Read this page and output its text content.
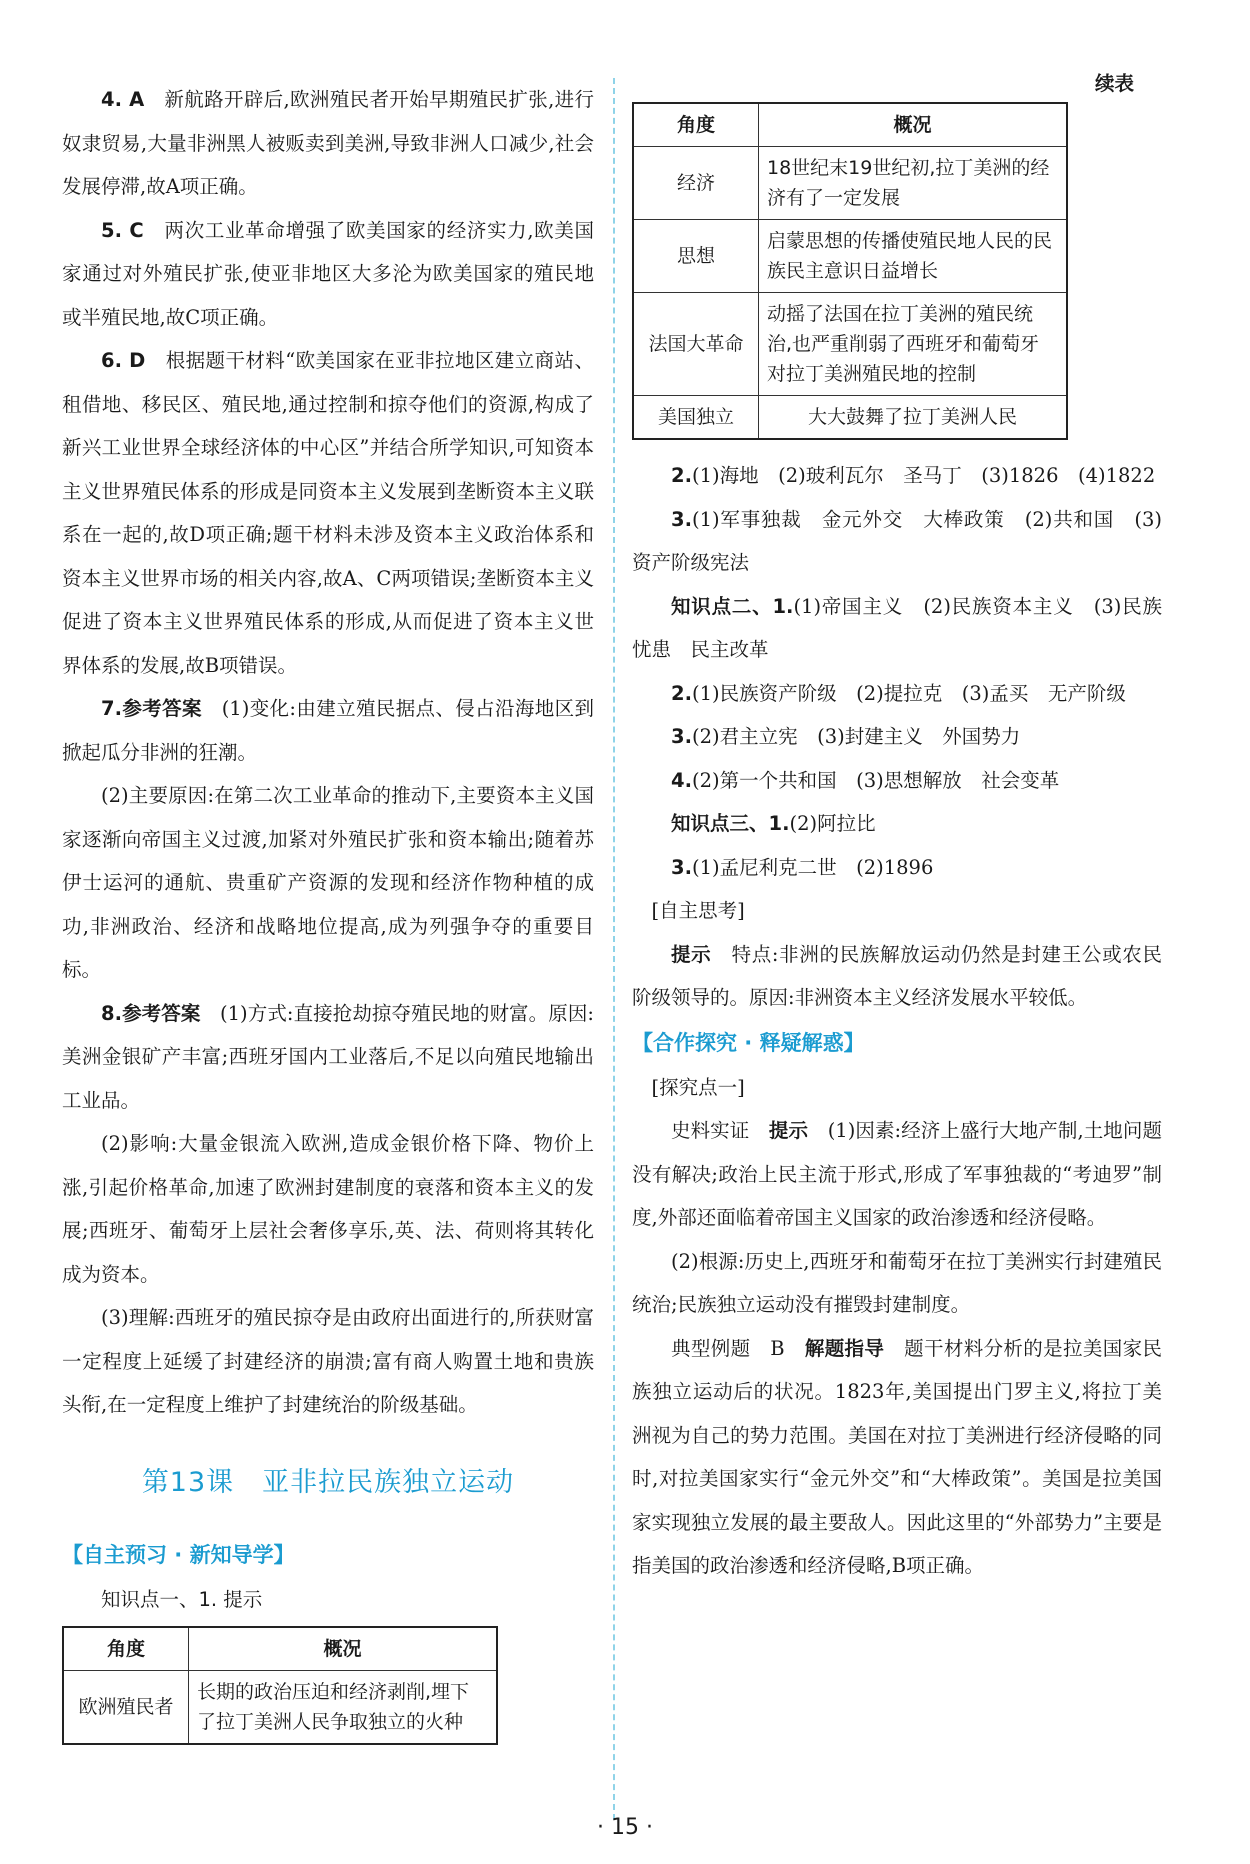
4. A　 新航路开辟后,欧洲殖民者开始早期殖民扩张,进行奴隶贸易,大量非洲黑人被贩卖到美洲,导致非洲人口减少,社会发展停滞,故A项正确。

5. C　 两次工业革命增强了欧美国家的经济实力,欧美国家通过对外殖民扩张,使亚非地区大多沦为欧美国家的殖民地或半殖民地,故C项正确。

6. D　 根据题干材料“欧美国家在亚非拉地区建立商站、租借地、移民区、殖民地,通过控制和掠夺他们的资源,构成了新兴工业世界全球经济体的中心区”并结合所学知识,可知资本主义世界殖民体系的形成是同资本主义发展到垄断资本主义联系在一起的,故D项正确;题干材料未涉及资本主义政治体系和资本主义世界市场的相关内容,故A、C两项错误;垄断资本主义促进了资本主义世界殖民体系的形成,从而促进了资本主义世界体系的发展,故B项错误。

7.参考答案　 (1)变化:由建立殖民据点、侵占沿海地区到掀起瓜分非洲的狂潮。

(2)主要原因:在第二次工业革命的推动下,主要资本主义国家逐渐向帝国主义过渡,加紧对外殖民扩张和资本输出;随着苏伊士运河的通航、贵重矿产资源的发现和经济作物种植的成功,非洲政治、经济和战略地位提高,成为列强争夺的重要目标。

8.参考答案　 (1)方式:直接抢劫掠夺殖民地的财富。原因:美洲金银矿产丰富;西班牙国内工业落后,不足以向殖民地输出工业品。

(2)影响:大量金银流入欧洲,造成金银价格下降、物价上涨,引起价格革命,加速了欧洲封建制度的衰落和资本主义的发展;西班牙、葡萄牙上层社会奢侈享乐,英、法、荷则将其转化成为资本。

(3)理解:西班牙的殖民掠夺是由政府出面进行的,所获财富一定程度上延缓了封建经济的崩溃;富有商人购置土地和贵族头衔,在一定程度上维护了封建统治的阶级基础。

第13课　亚非拉民族独立运动
【自主预习 · 新知导学】

知识点一、1. 提示

角度	概况
欧洲殖民者	长期的政治压迫和经济剥削,埋下了拉丁美洲人民争取独立的火种
续表
角度	概况
经济	18世纪末19世纪初,拉丁美洲的经济有了一定发展
思想	启蒙思想的传播使殖民地人民的民族民主意识日益增长
法国大革命	动摇了法国在拉丁美洲的殖民统治,也严重削弱了西班牙和葡萄牙对拉丁美洲殖民地的控制
美国独立	大大鼓舞了拉丁美洲人民

2.(1)海地　(2)玻利瓦尔　圣马丁　(3)1826　(4)1822

3.(1)军事独裁　金元外交　大棒政策　(2)共和国　(3)资产阶级宪法

知识点二、1.(1)帝国主义　(2)民族资本主义　(3)民族忧患　民主改革

2.(1)民族资产阶级　(2)提拉克　(3)孟买　无产阶级

3.(2)君主立宪　(3)封建主义　外国势力

4.(2)第一个共和国　(3)思想解放　社会变革

知识点三、1.(2)阿拉比

3.(1)孟尼利克二世　(2)1896

[自主思考]

提示　 特点:非洲的民族解放运动仍然是封建王公或农民阶级领导的。原因:非洲资本主义经济发展水平较低。

【合作探究 · 释疑解惑】

[探究点一]

史料实证　 提示　 (1)因素:经济上盛行大地产制,土地问题没有解决;政治上民主流于形式,形成了军事独裁的“考迪罗”制度,外部还面临着帝国主义国家的政治渗透和经济侵略。

(2)根源:历史上,西班牙和葡萄牙在拉丁美洲实行封建殖民统治;民族独立运动没有摧毁封建制度。

典型例题　B　 解题指导　 题干材料分析的是拉美国家民族独立运动后的状况。1823年,美国提出门罗主义,将拉丁美洲视为自己的势力范围。美国在对拉丁美洲进行经济侵略的同时,对拉美国家实行“金元外交”和“大棒政策”。美国是拉美国家实现独立发展的最主要敌人。因此这里的“外部势力”主要是指美国的政治渗透和经济侵略,B项正确。

· 15 ·
